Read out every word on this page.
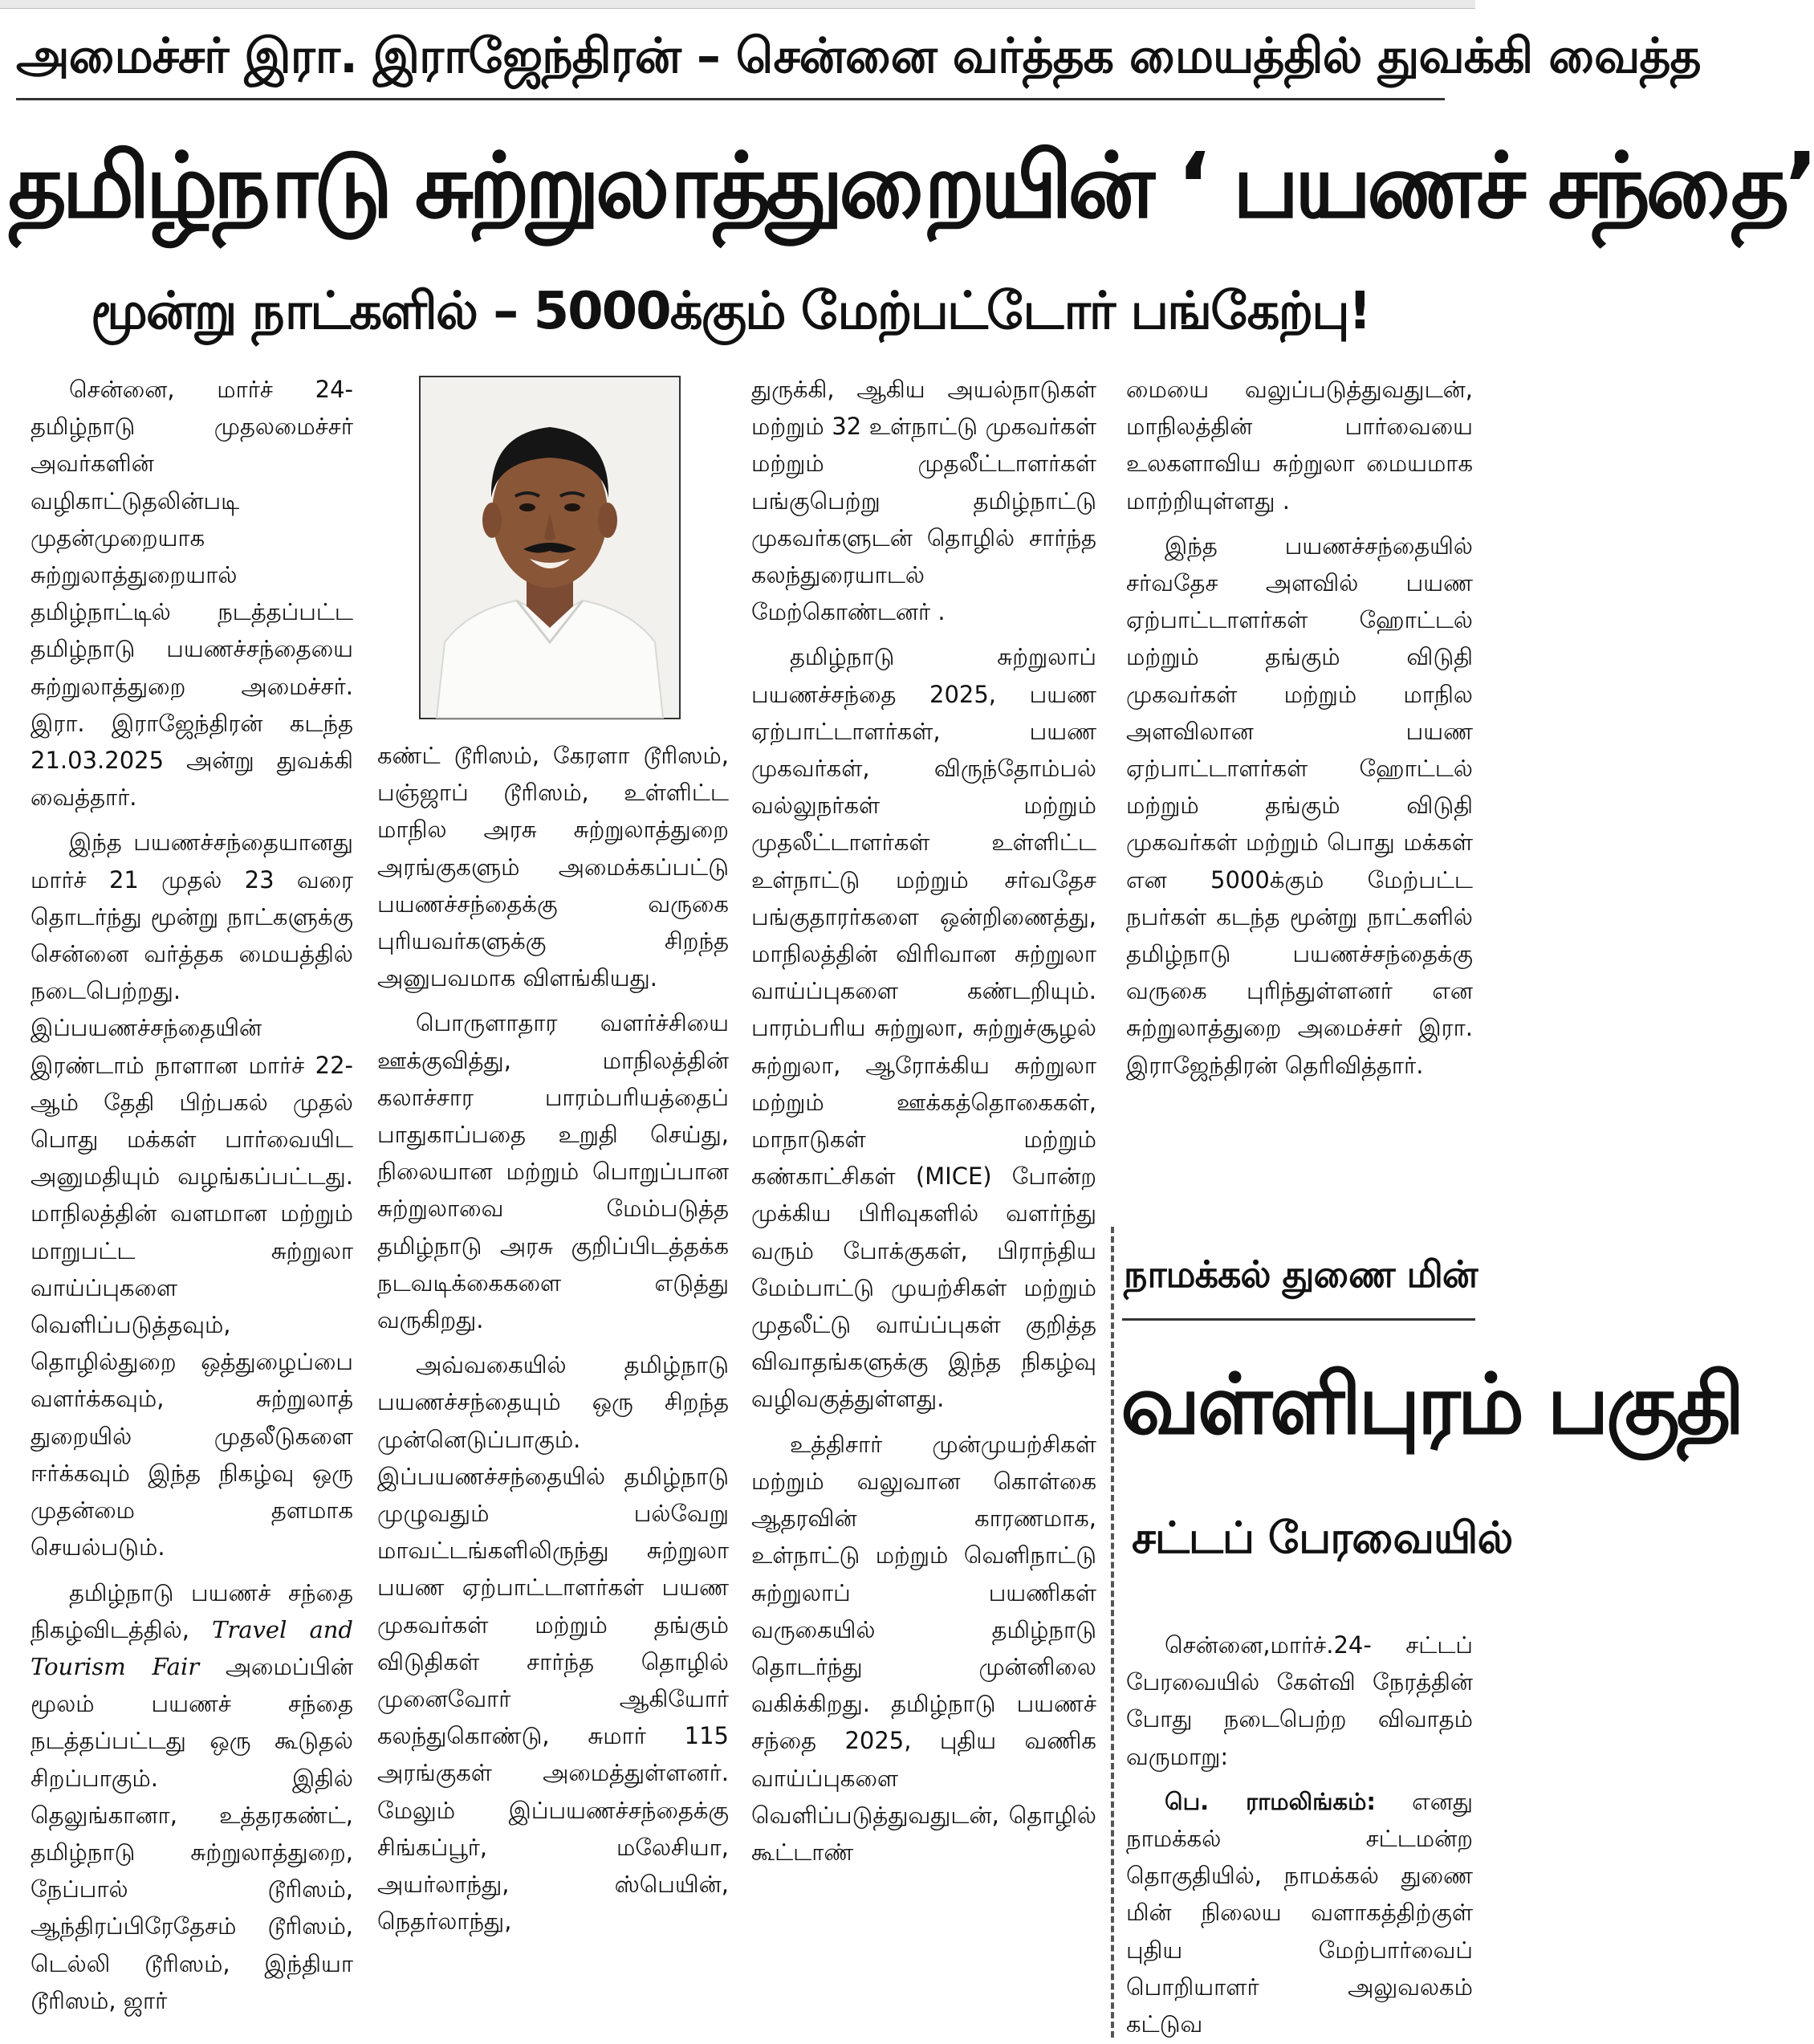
அமைச்சர் இரா. இராஜேந்திரன் – சென்னை வர்த்தக மையத்தில் துவக்கி வைத்த
தமிழ்நாடு சுற்றுலாத்துறையின் ‘ பயணச் சந்தை’
மூன்று நாட்களில் – 5000க்கும் மேற்பட்டோர் பங்கேற்பு!

சென்னை, மார்ச் 24- தமிழ்நாடு முதலமைச்சர் அவர்களின் வழிகாட்டுதலின்படி முதன்முறையாக சுற்றுலாத்துறையால் தமிழ்நாட்டில் நடத்தப்பட்ட தமிழ்நாடு பயணச்சந்தையை சுற்றுலாத்துறை அமைச்சர். இரா. இராஜேந்திரன் கடந்த 21.03.2025 அன்று துவக்கி வைத்தார்.

இந்த பயணச்சந்தையானது மார்ச் 21 முதல் 23 வரை தொடர்ந்து மூன்று நாட்களுக்கு சென்னை வர்த்தக மையத்தில் நடைபெற்றது. இப்பயணச்சந்தையின் இரண்டாம் நாளான மார்ச் 22-ஆம் தேதி பிற்பகல் முதல் பொது மக்கள் பார்வையிட அனுமதியும் வழங்கப்பட்டது. மாநிலத்தின் வளமான மற்றும் மாறுபட்ட சுற்றுலா வாய்ப்புகளை வெளிப்படுத்தவும், தொழில்துறை ஒத்துழைப்பை வளர்க்கவும், சுற்றுலாத் துறையில் முதலீடுகளை ஈர்க்கவும் இந்த நிகழ்வு ஒரு முதன்மை தளமாக செயல்படும்.

தமிழ்நாடு பயணச் சந்தை நிகழ்விடத்தில், Travel and Tourism Fair அமைப்பின் மூலம் பயணச் சந்தை நடத்தப்பட்டது ஒரு கூடுதல் சிறப்பாகும். இதில் தெலுங்கானா, உத்தரகண்ட், தமிழ்நாடு சுற்றுலாத்துறை, நேப்பால் டூரிஸம், ஆந்திரப்பிரேதேசம் டூரிஸம், டெல்லி டூரிஸம், இந்தியா டூரிஸம், ஜார்

கண்ட் டூரிஸம், கேரளா டூரிஸம், பஞ்ஜாப் டூரிஸம், உள்ளிட்ட மாநில அரசு சுற்றுலாத்துறை அரங்குகளும் அமைக்கப்பட்டு பயணச்சந்தைக்கு வருகை புரியவர்களுக்கு சிறந்த அனுபவமாக விளங்கியது.

பொருளாதார வளர்ச்சியை ஊக்குவித்து, மாநிலத்தின் கலாச்சார பாரம்பரியத்தைப் பாதுகாப்பதை உறுதி செய்து, நிலையான மற்றும் பொறுப்பான சுற்றுலாவை மேம்படுத்த தமிழ்நாடு அரசு குறிப்பிடத்தக்க நடவடிக்கைகளை எடுத்து வருகிறது.

அவ்வகையில் தமிழ்நாடு பயணச்சந்தையும் ஒரு சிறந்த முன்னெடுப்பாகும். இப்பயணச்சந்தையில் தமிழ்நாடு முழுவதும் பல்வேறு மாவட்டங்களிலிருந்து சுற்றுலா பயண ஏற்பாட்டாளர்கள் பயண முகவர்கள் மற்றும் தங்கும் விடுதிகள் சார்ந்த தொழில் முனைவோர் ஆகியோர் கலந்துகொண்டு, சுமார் 115 அரங்குகள் அமைத்துள்ளனர். மேலும் இப்பயணச்சந்தைக்கு சிங்கப்பூர், மலேசியா, அயர்லாந்து, ஸ்பெயின், நெதர்லாந்து,

துருக்கி, ஆகிய அயல்நாடுகள் மற்றும் 32 உள்நாட்டு முகவர்கள் மற்றும் முதலீட்டாளர்கள் பங்குபெற்று தமிழ்நாட்டு முகவர்களுடன் தொழில் சார்ந்த கலந்துரையாடல் மேற்கொண்டனர் .

தமிழ்நாடு சுற்றுலாப் பயணச்சந்தை 2025, பயண ஏற்பாட்டாளர்கள், பயண முகவர்கள், விருந்தோம்பல் வல்லுநர்கள் மற்றும் முதலீட்டாளர்கள் உள்ளிட்ட உள்நாட்டு மற்றும் சர்வதேச பங்குதாரர்களை ஒன்றிணைத்து, மாநிலத்தின் விரிவான சுற்றுலா வாய்ப்புகளை கண்டறியும். பாரம்பரிய சுற்றுலா, சுற்றுச்சூழல் சுற்றுலா, ஆரோக்கிய சுற்றுலா மற்றும் ஊக்கத்தொகைகள், மாநாடுகள் மற்றும் கண்காட்சிகள் (MICE) போன்ற முக்கிய பிரிவுகளில் வளர்ந்து வரும் போக்குகள், பிராந்திய மேம்பாட்டு முயற்சிகள் மற்றும் முதலீட்டு வாய்ப்புகள் குறித்த விவாதங்களுக்கு இந்த நிகழ்வு வழிவகுத்துள்ளது.

உத்திசார் முன்முயற்சிகள் மற்றும் வலுவான கொள்கை ஆதரவின் காரணமாக, உள்நாட்டு மற்றும் வெளிநாட்டு சுற்றுலாப் பயணிகள் வருகையில் தமிழ்நாடு தொடர்ந்து முன்னிலை வகிக்கிறது. தமிழ்நாடு பயணச் சந்தை 2025, புதிய வணிக வாய்ப்புகளை வெளிப்படுத்துவதுடன், தொழில் கூட்டாண்

மையை வலுப்படுத்துவதுடன், மாநிலத்தின் பார்வையை உலகளாவிய சுற்றுலா மையமாக மாற்றியுள்ளது .

இந்த பயணச்சந்தையில் சர்வதேச அளவில் பயண ஏற்பாட்டாளர்கள் ஹோட்டல் மற்றும் தங்கும் விடுதி முகவர்கள் மற்றும் மாநில அளவிலான பயண ஏற்பாட்டாளர்கள் ஹோட்டல் மற்றும் தங்கும் விடுதி முகவர்கள் மற்றும் பொது மக்கள் என 5000க்கும் மேற்பட்ட நபர்கள் கடந்த மூன்று நாட்களில் தமிழ்நாடு பயணச்சந்தைக்கு வருகை புரிந்துள்ளனர் என சுற்றுலாத்துறை அமைச்சர் இரா. இராஜேந்திரன் தெரிவித்தார்.

நாமக்கல் துணை மின்
வள்ளிபுரம் பகுதி
சட்டப் பேரவையில்

சென்னை,மார்ச்.24- சட்டப் பேரவையில் கேள்வி நேரத்தின் போது நடைபெற்ற விவாதம் வருமாறு:

பெ. ராமலிங்கம்: எனது நாமக்கல் சட்டமன்ற தொகுதியில், நாமக்கல் துணை மின் நிலைய வளாகத்திற்குள் புதிய மேற்பார்வைப் பொறியாளர் அலுவலகம் கட்டுவ
